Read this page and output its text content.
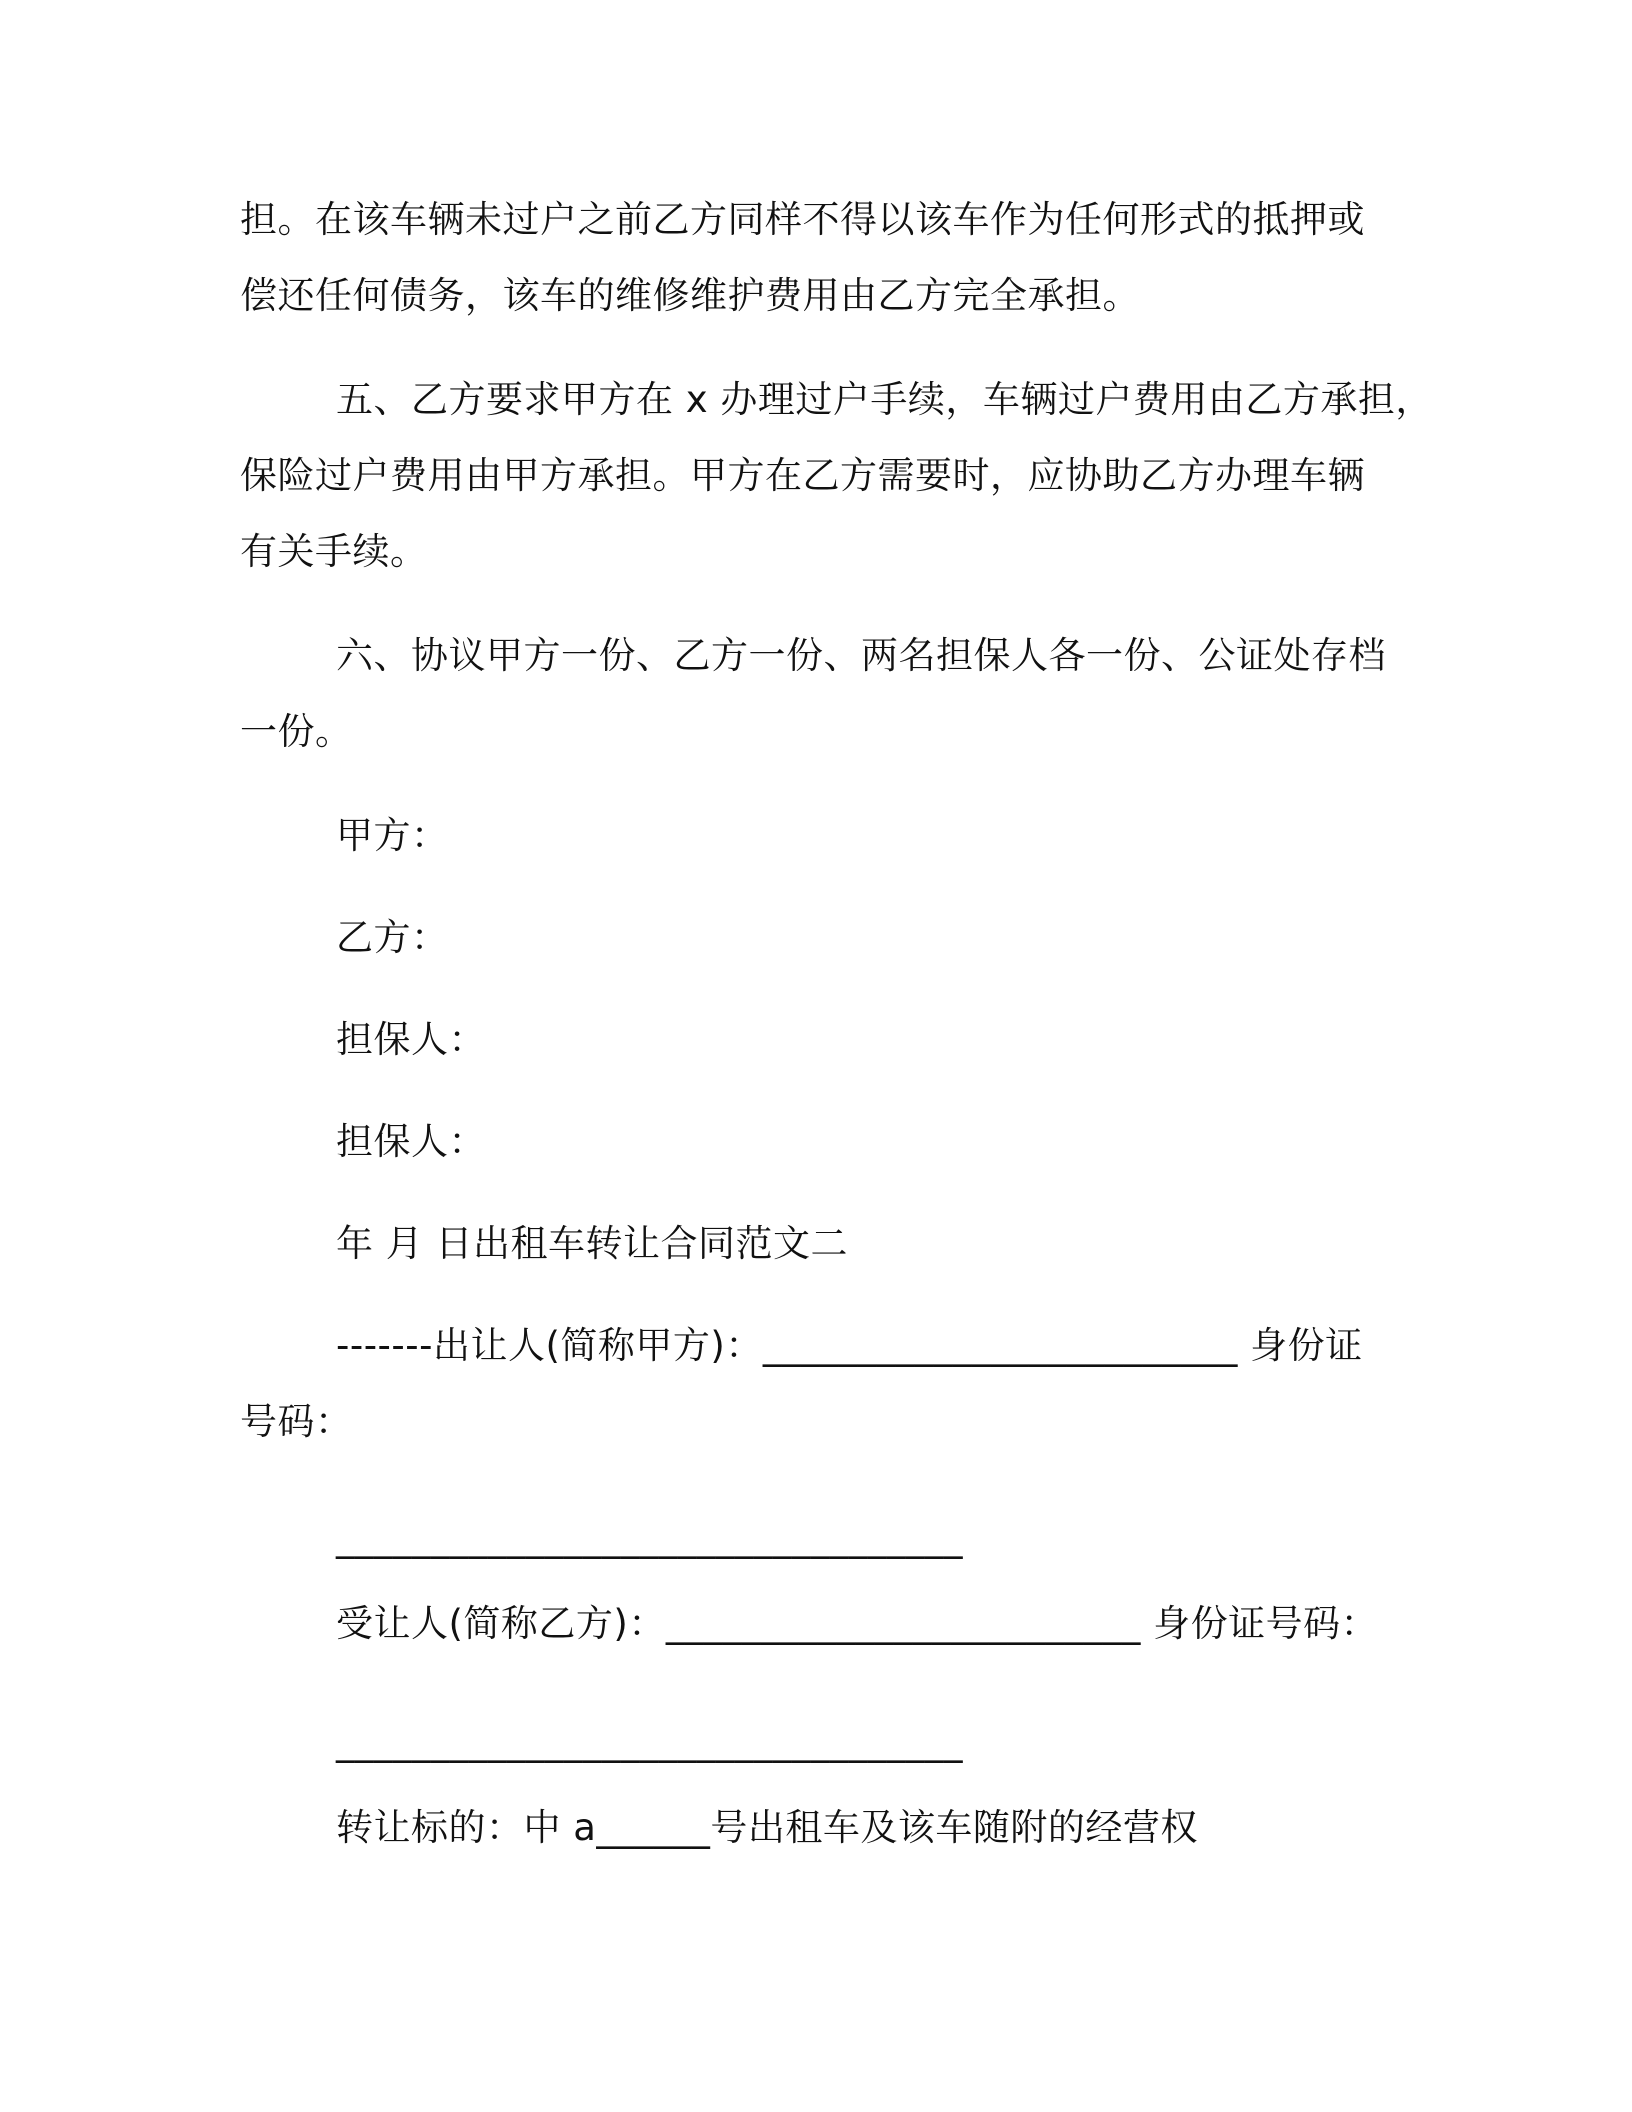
担。在该车辆未过户之前乙方同样不得以该车作为任何形式的抵押或
偿还任何债务，该车的维修维护费用由乙方完全承担。
五、乙方要求甲方在 x 办理过户手续，车辆过户费用由乙方承担，
保险过户费用由甲方承担。甲方在乙方需要时，应协助乙方办理车辆
有关手续。
六、协议甲方一份、乙方一份、两名担保人各一份、公证处存档
一份。
甲方：
乙方：
担保人：
担保人：
年 月 日出租车转让合同范文二
-------出让人(简称甲方)：_________________________ 身份证
号码：
_________________________________
受让人(简称乙方)：_________________________ 身份证号码：
_________________________________
转让标的：中 a______号出租车及该车随附的经营权
